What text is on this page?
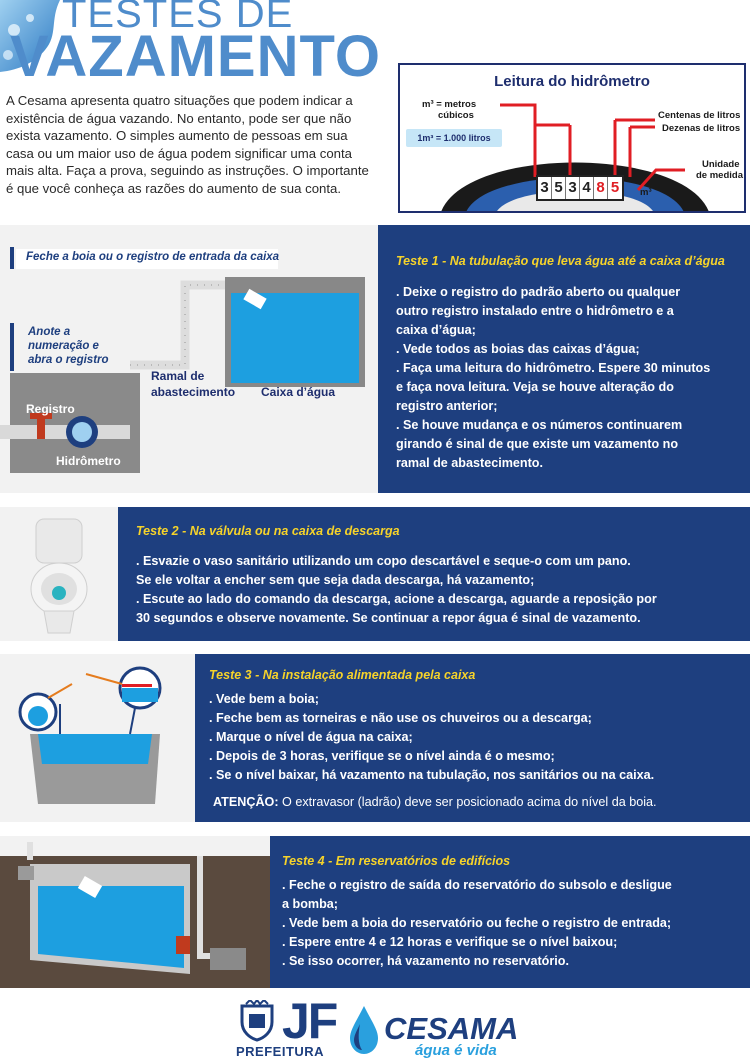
TESTES DE
VAZAMENTO
A Cesama apresenta quatro situações que podem indicar a existência de água vazando. No entanto, pode ser que não exista vazamento. O simples aumento de pessoas em sua casa ou um maior uso de água podem significar uma conta mais alta. Faça a prova, seguindo as instruções. O importante é que você conheça as razões do aumento de sua conta.
Leitura do hidrômetro
m³ = metros
cúbicos
1m³ = 1.000 litros
Centenas de litros
Dezenas de litros
Unidade
de medida
3 5 3 4 8 5 m³
Feche a boia ou o registro de entrada da caixa
Anote a
numeração e
abra o registro
Ramal de
abastecimento Caixa d’água
Registro
Hidrômetro
Teste 1 - Na tubulação que leva água até a caixa d’água
. Deixe o registro do padrão aberto ou qualquer
outro registro instalado entre o hidrômetro e a
caixa d’água;
. Vede todos as boias das caixas d’água;
. Faça uma leitura do hidrômetro. Espere 30 minutos
e faça nova leitura. Veja se houve alteração do
registro anterior;
. Se houve mudança e os números continuarem
girando é sinal de que existe um vazamento no
ramal de abastecimento.
Teste 2 - Na válvula ou na caixa de descarga
. Esvazie o vaso sanitário utilizando um copo descartável e seque-o com um pano.
Se ele voltar a encher sem que seja dada descarga, há vazamento;
. Escute ao lado do comando da descarga, acione a descarga, aguarde a reposição por
30 segundos e observe novamente. Se continuar a repor água é sinal de vazamento.
Teste 3 - Na instalação alimentada pela caixa
. Vede bem a boia;
. Feche bem as torneiras e não use os chuveiros ou a descarga;
. Marque o nível de água na caixa;
. Depois de 3 horas, verifique se o nível ainda é o mesmo;
. Se o nível baixar, há vazamento na tubulação, nos sanitários ou na caixa.
ATENÇÃO: O extravasor (ladrão) deve ser posicionado acima do nível da boia.
Teste 4 - Em reservatórios de edifícios
. Feche o registro de saída do reservatório do subsolo e desligue
a bomba;
. Vede bem a boia do reservatório ou feche o registro de entrada;
. Espere entre 4 e 12 horas e verifique se o nível baixou;
. Se isso ocorrer, há vazamento no reservatório.
JF
PREFEITURA
CESAMA
água é vida
